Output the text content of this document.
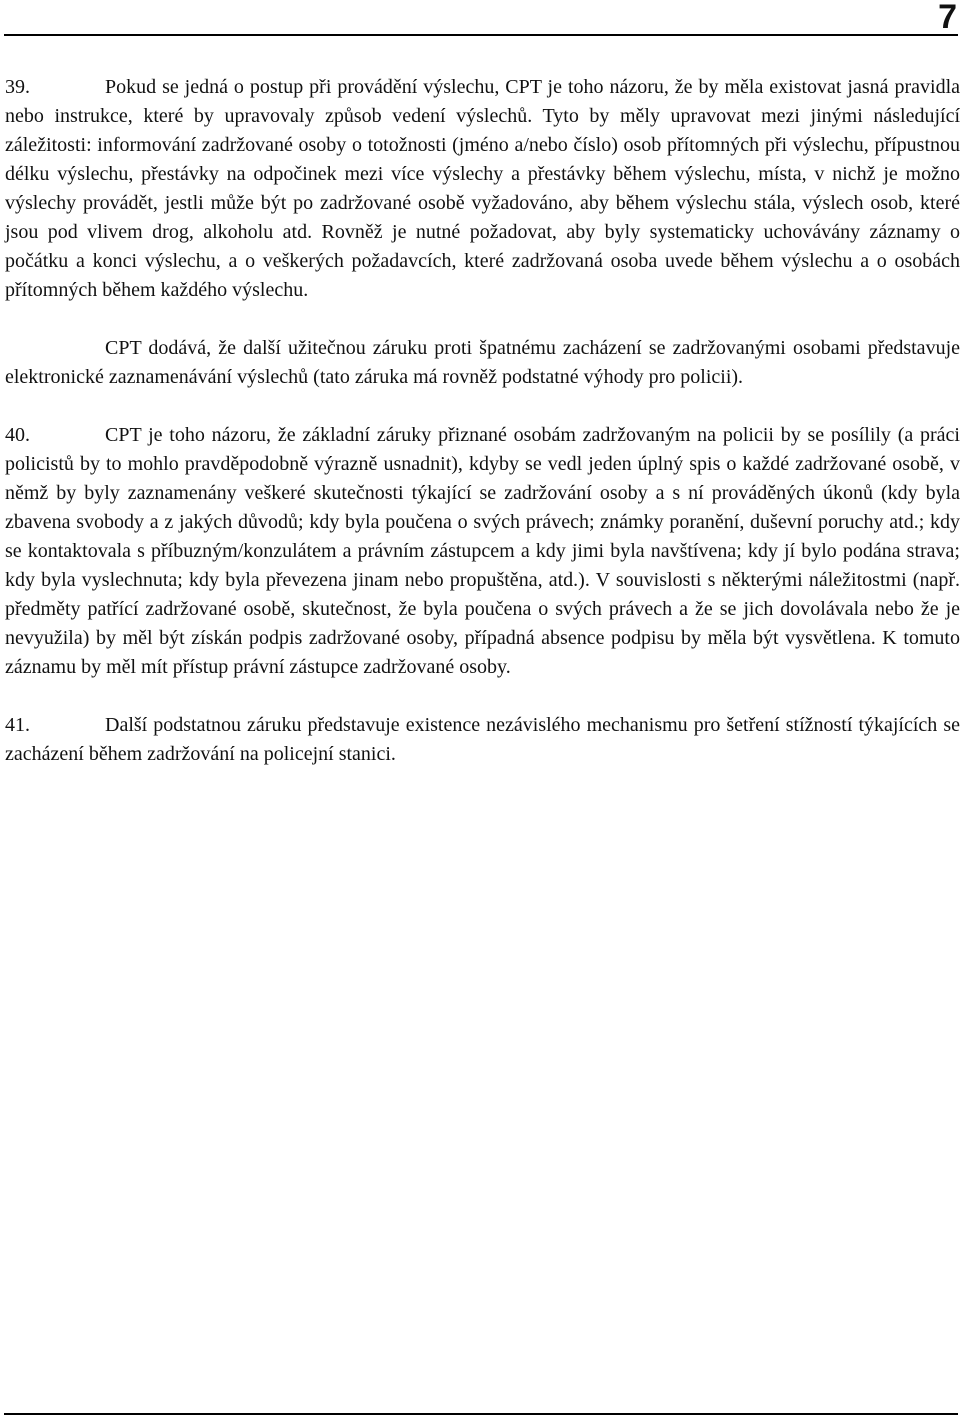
7

39.	Pokud se jedná o postup při provádění výslechu, CPT je toho názoru, že by měla existovat jasná pravidla nebo instrukce, které by upravovaly způsob vedení výslechů. Tyto by měly upravovat mezi jinými následující záležitosti: informování zadržované osoby o totožnosti (jméno a/nebo číslo) osob přítomných při výslechu, přípustnou délku výslechu, přestávky na odpočinek mezi více výslechy a přestávky během výslechu, místa, v nichž je možno výslechy provádět, jestli může být po zadržované osobě vyžadováno, aby během výslechu stála, výslech osob, které jsou pod vlivem drog, alkoholu atd. Rovněž je nutné požadovat, aby byly systematicky uchovávány záznamy o počátku a konci výslechu, a o veškerých požadavcích, které zadržovaná osoba uvede během výslechu a o osobách přítomných během každého výslechu.

CPT dodává, že další užitečnou záruku proti špatnému zacházení se zadržovanými osobami představuje elektronické zaznamenávání výslechů (tato záruka má rovněž podstatné výhody pro policii).

40.	CPT je toho názoru, že základní záruky přiznané osobám zadržovaným na policii by se posílily (a práci policistů by to mohlo pravděpodobně výrazně usnadnit), kdyby se vedl jeden úplný spis o každé zadržované osobě, v němž by byly zaznamenány veškeré skutečnosti týkající se zadržování osoby a s ní prováděných úkonů (kdy byla zbavena svobody a z jakých důvodů; kdy byla poučena o svých právech; známky poranění, duševní poruchy atd.; kdy se kontaktovala s příbuzným/konzulátem a právním zástupcem a kdy jimi byla navštívena; kdy jí bylo podána strava; kdy byla vyslechnuta; kdy byla převezena jinam nebo propuštěna, atd.). V souvislosti s některými náležitostmi (např. předměty patřící zadržované osobě, skutečnost, že byla poučena o svých právech a že se jich dovolávala nebo že je nevyužila) by měl být získán podpis zadržované osoby, případná absence podpisu by měla být vysvětlena. K tomuto záznamu by měl mít přístup právní zástupce zadržované osoby.

41.	Další podstatnou záruku představuje existence nezávislého mechanismu pro šetření stížností týkajících se zacházení během zadržování na policejní stanici.
